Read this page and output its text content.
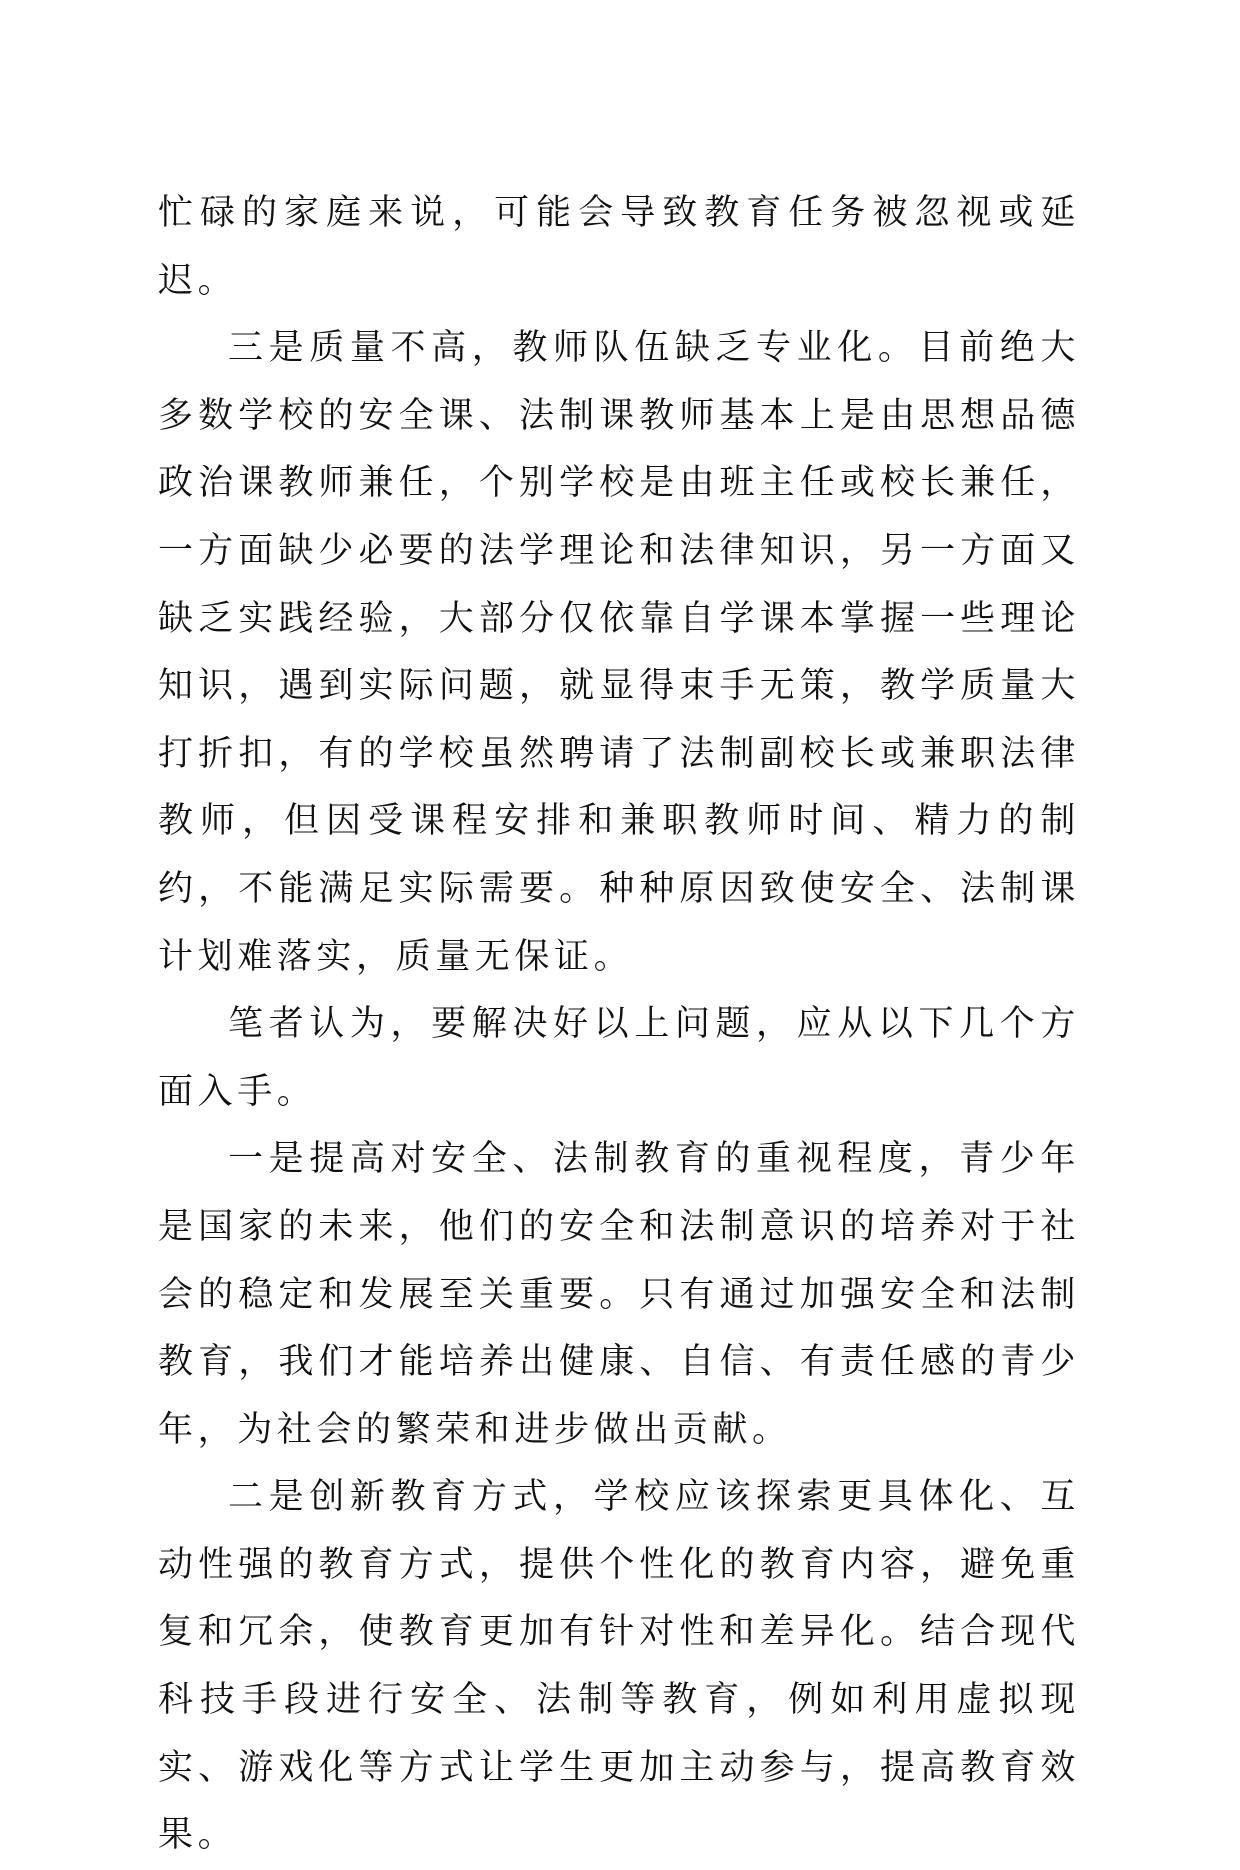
忙碌的家庭来说，可能会导致教育任务被忽视或延迟。

三是质量不高，教师队伍缺乏专业化。目前绝大多数学校的安全课、法制课教师基本上是由思想品德政治课教师兼任，个别学校是由班主任或校长兼任，一方面缺少必要的法学理论和法律知识，另一方面又缺乏实践经验，大部分仅依靠自学课本掌握一些理论知识，遇到实际问题，就显得束手无策，教学质量大打折扣，有的学校虽然聘请了法制副校长或兼职法律教师，但因受课程安排和兼职教师时间、精力的制约，不能满足实际需要。种种原因致使安全、法制课计划难落实，质量无保证。

笔者认为，要解决好以上问题，应从以下几个方面入手。

一是提高对安全、法制教育的重视程度，青少年是国家的未来，他们的安全和法制意识的培养对于社会的稳定和发展至关重要。只有通过加强安全和法制教育，我们才能培养出健康、自信、有责任感的青少年，为社会的繁荣和进步做出贡献。

二是创新教育方式，学校应该探索更具体化、互动性强的教育方式，提供个性化的教育内容，避免重复和冗余，使教育更加有针对性和差异化。结合现代科技手段进行安全、法制等教育，例如利用虚拟现实、游戏化等方式让学生更加主动参与，提高教育效果。
